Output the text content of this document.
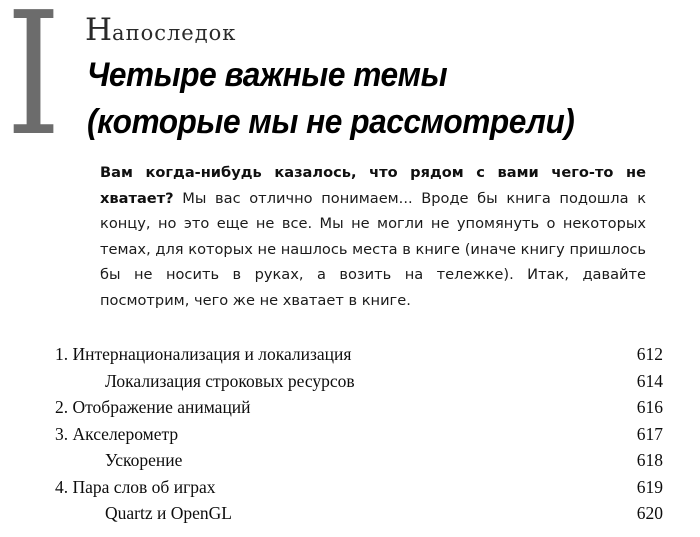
I Напоследок
Четыре важные темы
(которые мы не рассмотрели)

Вам когда-нибудь казалось, что рядом с вами чего-то не хватает? Мы вас отлично понимаем... Вроде бы книга подошла к концу, но это еще не все. Мы не могли не упомянуть о некоторых темах, для которых не нашлось места в книге (иначе книгу пришлось бы не носить в руках, а возить на тележке). Итак, давайте посмотрим, чего же не хватает в книге.

1. Интернационализация и локализация	612
Локализация строковых ресурсов	614
2. Отображение анимаций	616
3. Акселерометр	617
Ускорение	618
4. Пара слов об играх	619
Quartz и OpenGL	620
